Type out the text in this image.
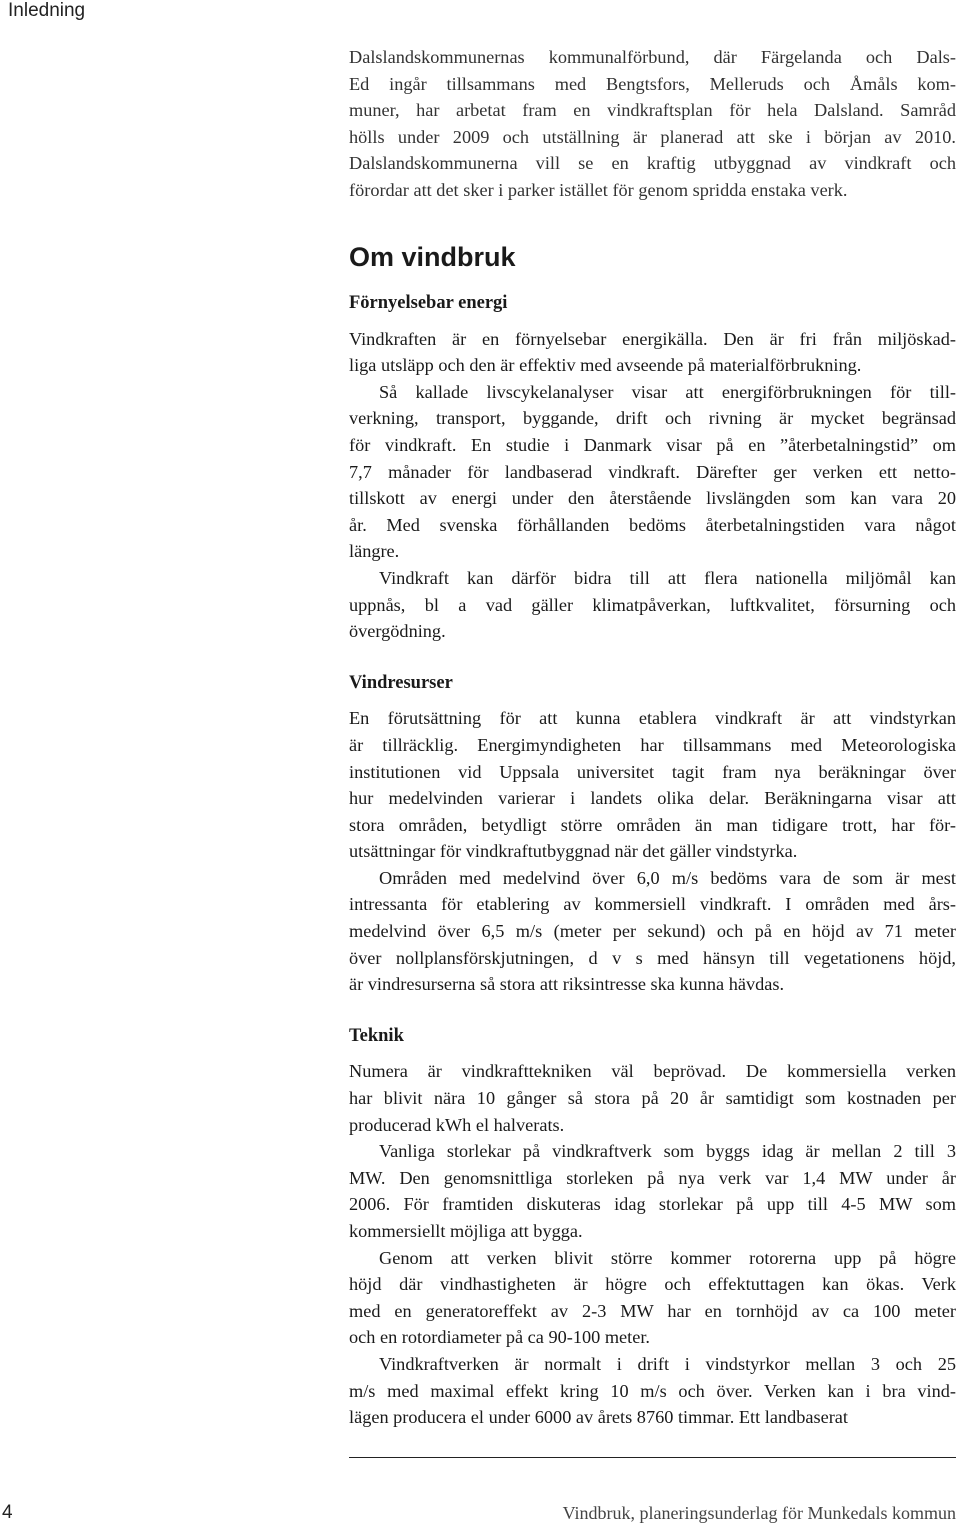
Inledning
Dalslandskommunernas kommunalförbund, där Färgelanda och Dals-
Ed ingår tillsammans med Bengtsfors, Melleruds och Åmåls kom-
muner, har arbetat fram en vindkraftsplan för hela Dalsland. Samråd
hölls under 2009 och utställning är planerad att ske i början av 2010.
Dalslandskommunerna vill se en kraftig utbyggnad av vindkraft och
förordar att det sker i parker istället för genom spridda enstaka verk.
Om vindbruk
Förnyelsebar energi
Vindkraften är en förnyelsebar energikälla. Den är fri från miljöskad-
liga utsläpp och den är effektiv med avseende på materialförbrukning.
Så kallade livscykelanalyser visar att energiförbrukningen för till-
verkning, transport, byggande, drift och rivning är mycket begränsad
för vindkraft. En studie i Danmark visar på en ”återbetalningstid” om
7,7 månader för landbaserad vindkraft. Därefter ger verken ett netto-
tillskott av energi under den återstående livslängden som kan vara 20
år. Med svenska förhållanden bedöms återbetalningstiden vara något
längre.
Vindkraft kan därför bidra till att flera nationella miljömål kan
uppnås, bl a vad gäller klimatpåverkan, luftkvalitet, försurning och
övergödning.
Vindresurser
En förutsättning för att kunna etablera vindkraft är att vindstyrkan
är tillräcklig. Energimyndigheten har tillsammans med Meteorologiska
institutionen vid Uppsala universitet tagit fram nya beräkningar över
hur medelvinden varierar i landets olika delar. Beräkningarna visar att
stora områden, betydligt större områden än man tidigare trott, har för-
utsättningar för vindkraftutbyggnad när det gäller vindstyrka.
Områden med medelvind över 6,0 m/s bedöms vara de som är mest
intressanta för etablering av kommersiell vindkraft. I områden med års-
medelvind över 6,5 m/s (meter per sekund) och på en höjd av 71 meter
över nollplansförskjutningen, d v s med hänsyn till vegetationens höjd,
är vindresurserna så stora att riksintresse ska kunna hävdas.
Teknik
Numera är vindkrafttekniken väl beprövad. De kommersiella verken
har blivit nära 10 gånger så stora på 20 år samtidigt som kostnaden per
producerad kWh el halverats.
Vanliga storlekar på vindkraftverk som byggs idag är mellan 2 till 3
MW. Den genomsnittliga storleken på nya verk var 1,4 MW under år
2006. För framtiden diskuteras idag storlekar på upp till 4-5 MW som
kommersiellt möjliga att bygga.
Genom att verken blivit större kommer rotorerna upp på högre
höjd där vindhastigheten är högre och effektuttagen kan ökas. Verk
med en generatoreffekt av 2-3 MW har en tornhöjd av ca 100 meter
och en rotordiameter på ca 90-100 meter.
Vindkraftverken är normalt i drift i vindstyrkor mellan 3 och 25
m/s med maximal effekt kring 10 m/s och över. Verken kan i bra vind-
lägen producera el under 6000 av årets 8760 timmar. Ett landbaserat
4	Vindbruk, planeringsunderlag för Munkedals kommun
